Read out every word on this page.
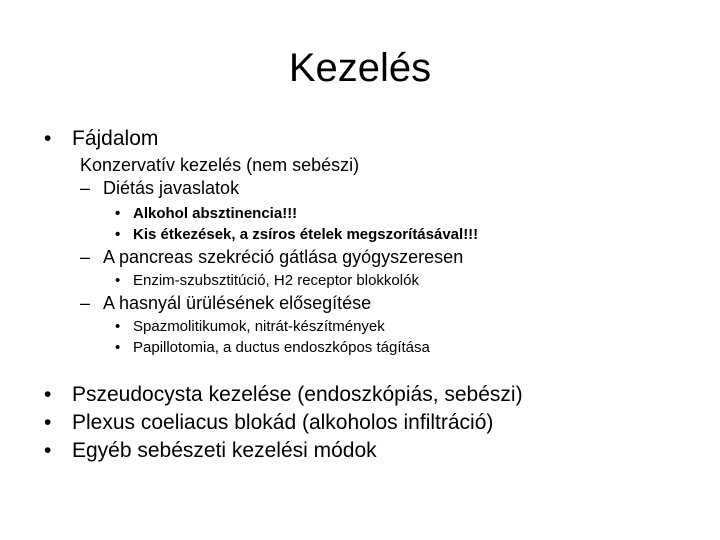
Kezelés
• Fájdalom
Konzervatív kezelés (nem sebészi)
– Diétás javaslatok
• Alkohol absztinencia!!!
• Kis étkezések, a zsíros ételek megszorításával!!!
– A pancreas szekréció gátlása gyógyszeresen
• Enzim-szubsztitúció, H2 receptor blokkolók
– A hasnyál ürülésének elősegítése
• Spazmolitikumok, nitrát-készítmények
• Papillotomia, a ductus endoszkópos tágítása
• Pszeudocysta kezelése (endoszkópiás, sebészi)
• Plexus coeliacus blokád (alkoholos infiltráció)
• Egyéb sebészeti kezelési módok
